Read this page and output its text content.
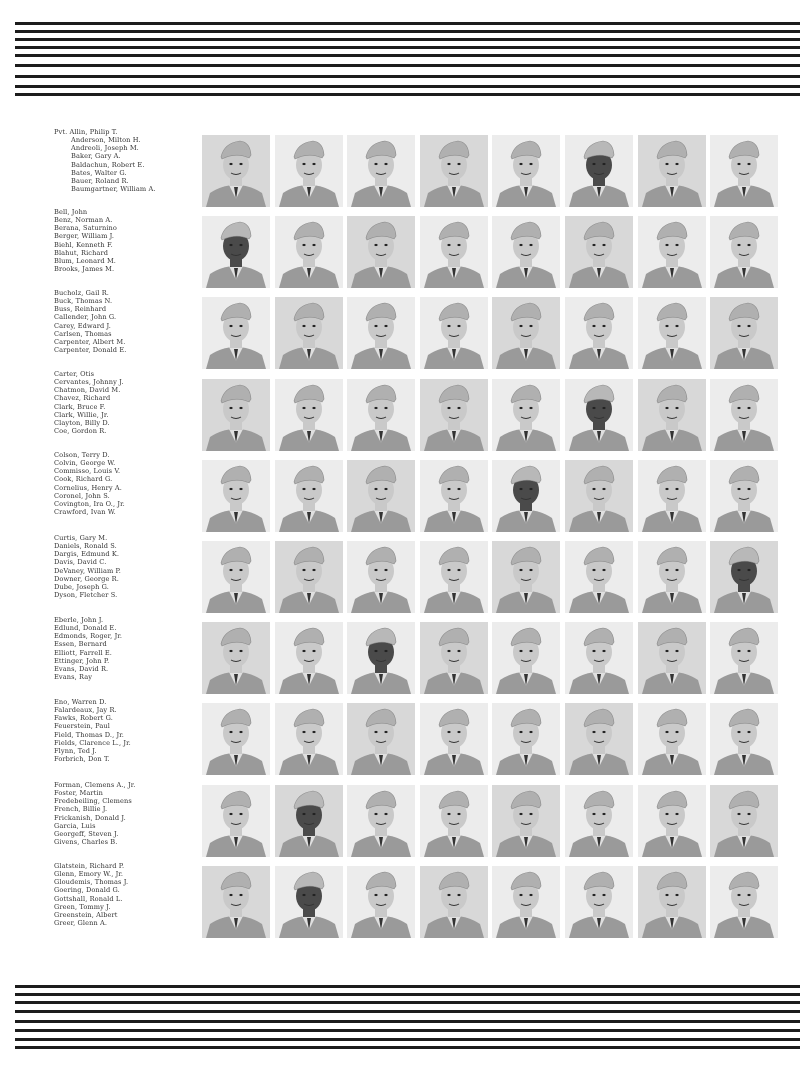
Pvt. Allin, Philip T.
Anderson, Milton H.
Andreoli, Joseph M.
Baker, Gary A.
Baldachun, Robert E.
Bates, Walter G.
Bauer, Roland R.
Baumgartner, William A.
Bell, John
Benz, Norman A.
Berana, Saturnino
Berger, William J.
Biehl, Kenneth F.
Blahut, Richard
Blum, Leonard M.
Brooks, James M.
Bucholz, Gail R.
Buck, Thomas N.
Buss, Reinhard
Callender, John G.
Carey, Edward J.
Carlsen, Thomas
Carpenter, Albert M.
Carpenter, Donald E.
Carter, Otis
Cervantes, Johnny J.
Chatmon, David M.
Chavez, Richard
Clark, Bruce F.
Clark, Willie, Jr.
Clayton, Billy D.
Coe, Gordon R.
Colson, Terry D.
Colvin, George W.
Commisso, Louis V.
Cook, Richard G.
Cornelius, Henry A.
Coronel, John S.
Covington, Ira O., Jr.
Crawford, Ivan W.
Curtis, Gary M.
Daniels, Ronald S.
Dargis, Edmund K.
Davis, David C.
DeVaney, William P.
Downer, George R.
Dube, Joseph G.
Dyson, Fletcher S.
Eberle, John J.
Edlund, Donald E.
Edmonds, Roger, Jr.
Essen, Bernard
Elliott, Farrell E.
Ettinger, John P.
Evans, David R.
Evans, Ray
Eno, Warren D.
Falardeaux, Jay R.
Fawks, Robert G.
Feuerstein, Paul
Field, Thomas D., Jr.
Fields, Clarence L., Jr.
Flynn, Ted J.
Forbrich, Don T.
Forman, Clemens A., Jr.
Foster, Martin
Fredebeiling, Clemens
French, Billie J.
Frickanish, Donald J.
Garcia, Luis
Georgeff, Steven J.
Givens, Charles B.
Glatstein, Richard P.
Glenn, Emory W., Jr.
Gloudemis, Thomas J.
Goering, Donald G.
Gottshall, Ronald L.
Green, Tommy J.
Greenstein, Albert
Greer, Glenn A.
